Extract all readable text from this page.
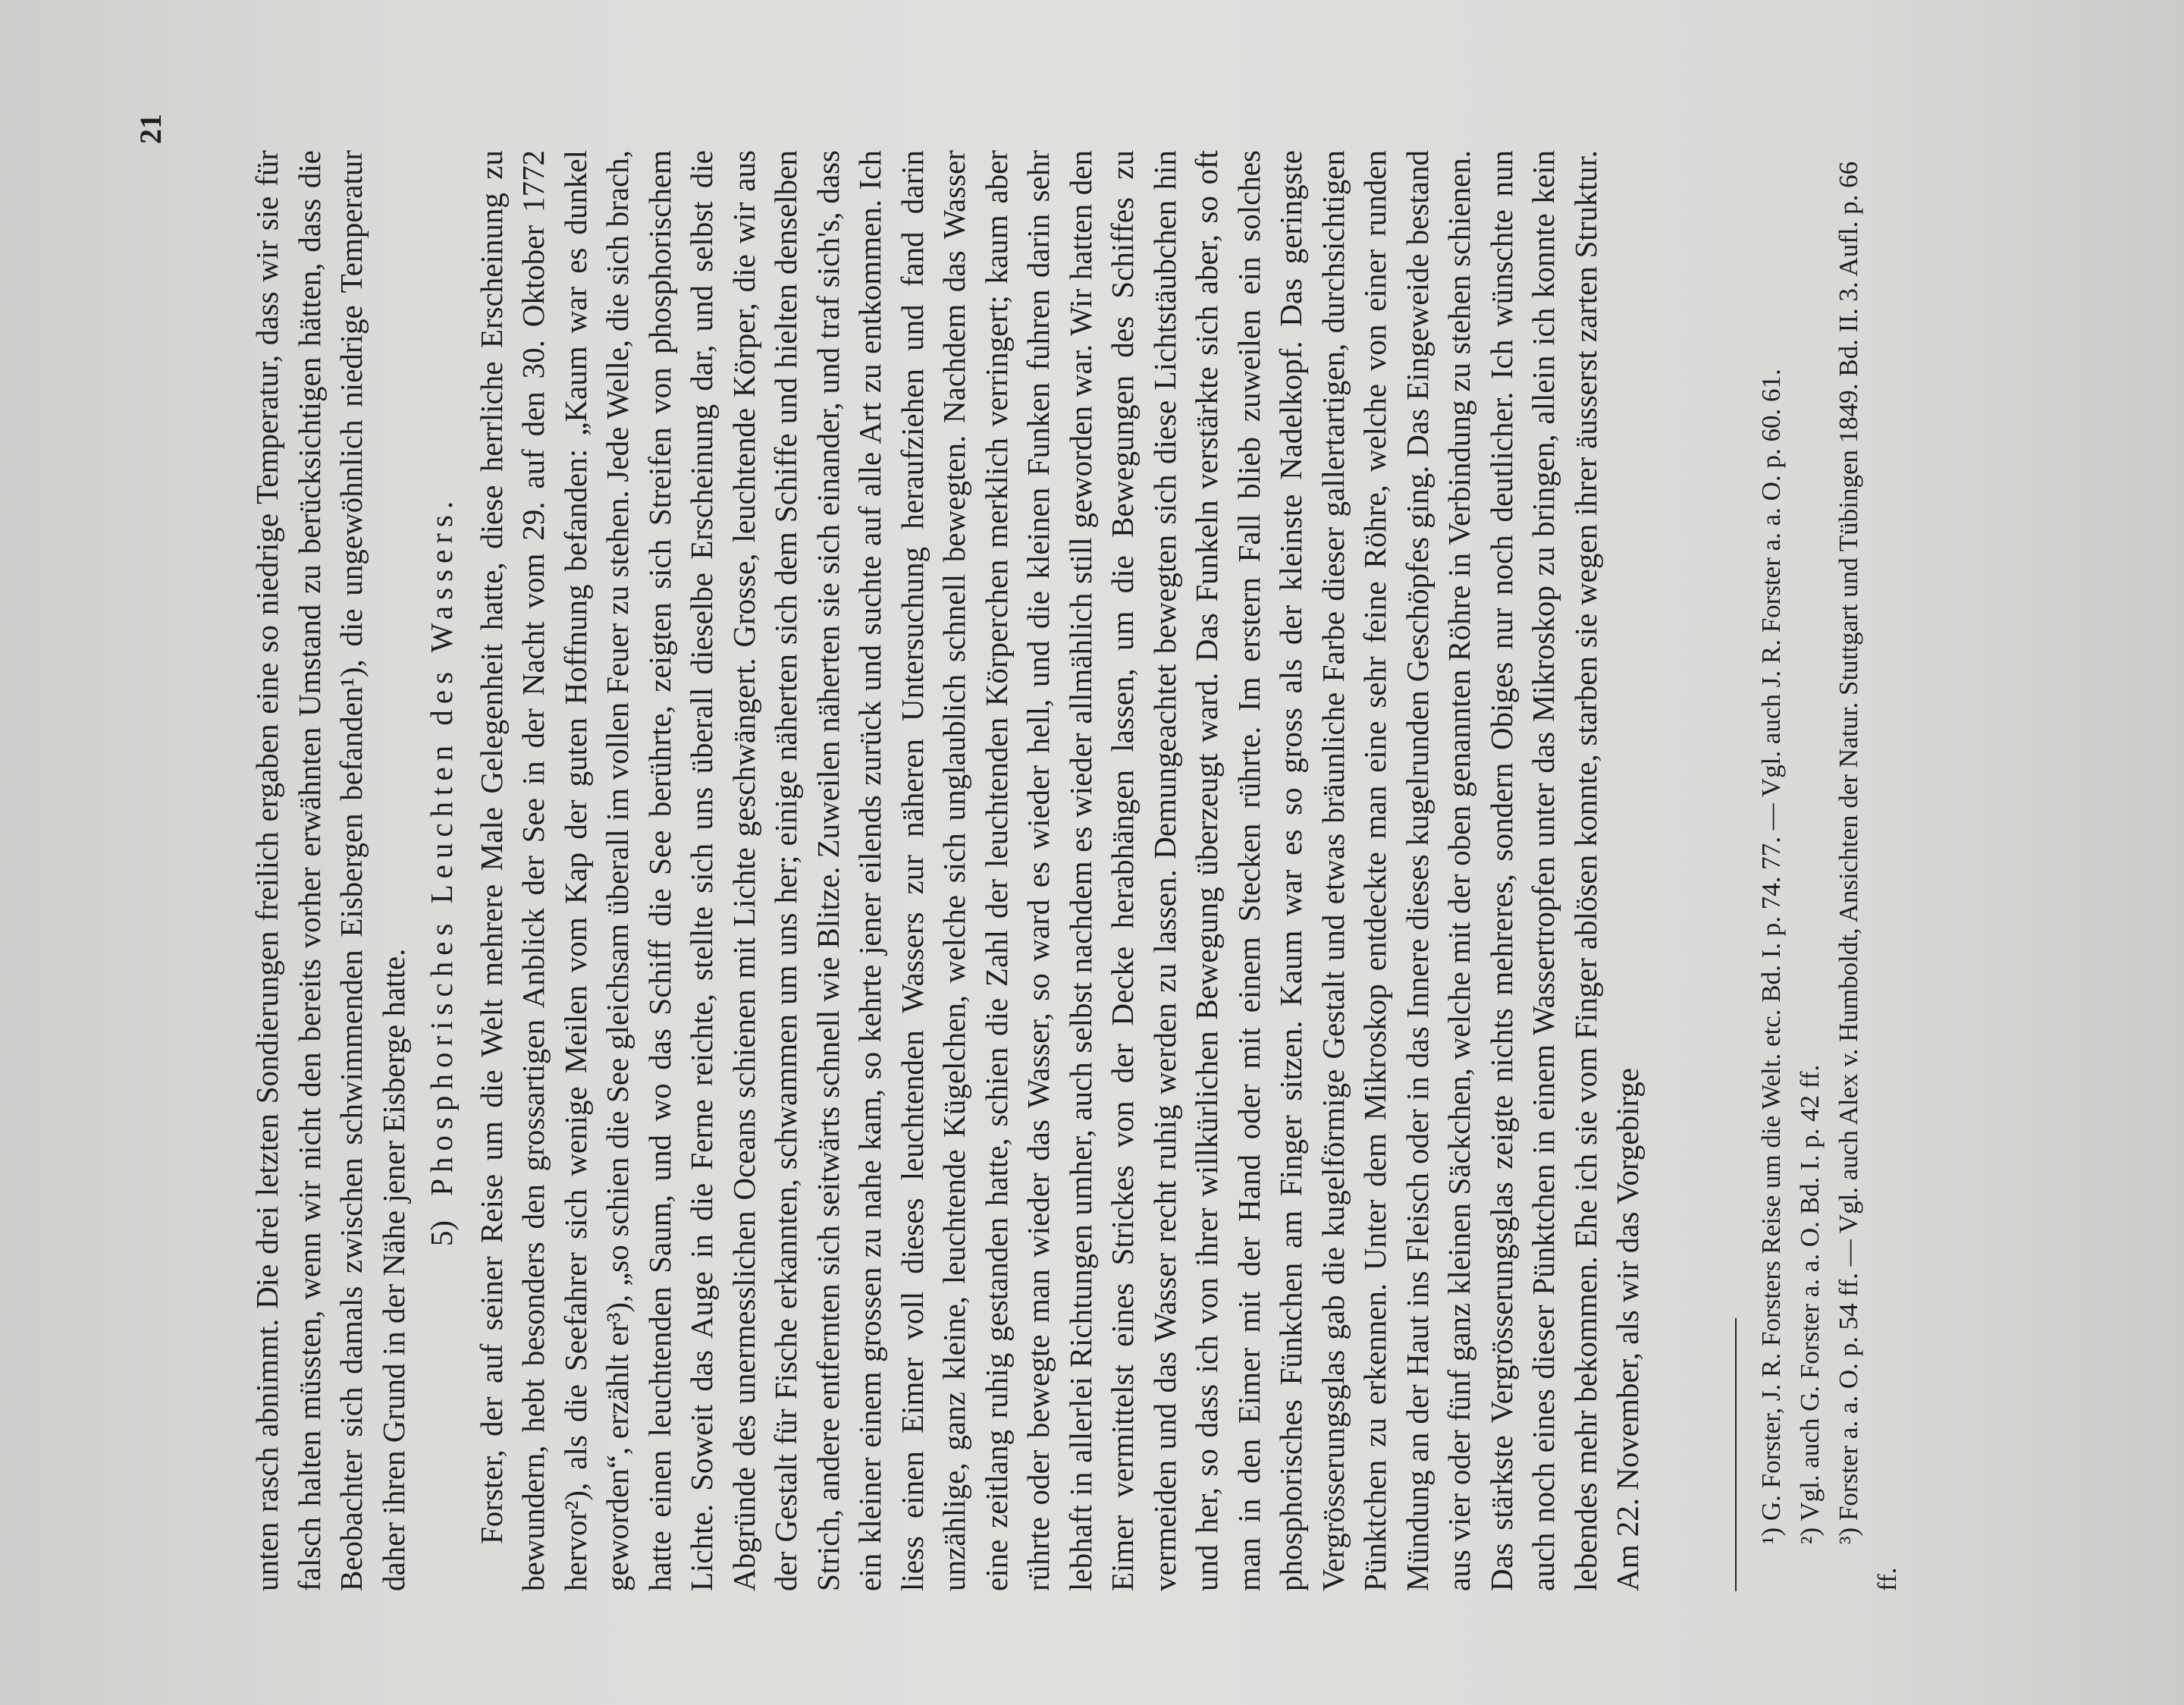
21

unten rasch abnimmt. Die drei letzten Sondierungen freilich ergaben eine so niedrige Temperatur, dass wir sie für falsch halten müssten, wenn wir nicht den bereits vorher erwähnten Umstand zu berücksichtigen hätten, dass die Beobachter sich damals zwischen schwimmenden Eisbergen befanden¹), die ungewöhnlich niedrige Temperatur daher ihren Grund in der Nähe jener Eisberge hatte. 5) Phosphorisches Leuchten des Wassers. Forster, der auf seiner Reise um die Welt mehrere Male Gelegenheit hatte, diese herrliche Erscheinung zu bewundern, hebt besonders den grossartigen Anblick der See in der Nacht vom 29. auf den 30. Oktober 1772 hervor²), als die Seefahrer sich wenige Meilen vom Kap der guten Hoffnung befanden: „Kaum war es dunkel geworden“, erzählt er³), „so schien die See gleichsam überall im vollen Feuer zu stehen. Jede Welle, die sich brach, hatte einen leuchtenden Saum, und wo das Schiff die See berührte, zeigten sich Streifen von phosphorischem Lichte. Soweit das Auge in die Ferne reichte, stellte sich uns überall dieselbe Erscheinung dar, und selbst die Abgründe des unermesslichen Oceans schienen mit Lichte geschwängert. Grosse, leuchtende Körper, die wir aus der Gestalt für Fische erkannten, schwammen um uns her; einige näherten sich dem Schiffe und hielten denselben Strich, andere entfernten sich seitwärts schnell wie Blitze. Zuweilen näherten sie sich einander, und traf sich's, dass ein kleiner einem grossen zu nahe kam, so kehrte jener eilends zurück und suchte auf alle Art zu entkommen. Ich liess einen Eimer voll dieses leuchtenden Wassers zur näheren Untersuchung heraufziehen und fand darin unzählige, ganz kleine, leuchtende Kügelchen, welche sich unglaublich schnell bewegten. Nachdem das Wasser eine zeitlang ruhig gestanden hatte, schien die Zahl der leuchtenden Körperchen merklich verringert; kaum aber rührte oder bewegte man wieder das Wasser, so ward es wieder hell, und die kleinen Funken fuhren darin sehr lebhaft in allerlei Richtungen umher, auch selbst nachdem es wieder allmählich still geworden war. Wir hatten den Eimer vermittelst eines Strickes von der Decke herabhängen lassen, um die Bewegungen des Schiffes zu vermeiden und das Wasser recht ruhig werden zu lassen. Demungeachtet bewegten sich diese Lichtstäubchen hin und her, so dass ich von ihrer willkürlichen Bewegung überzeugt ward. Das Funkeln verstärkte sich aber, so oft man in den Eimer mit der Hand oder mit einem Stecken rührte. Im erstern Fall blieb zuweilen ein solches phosphorisches Fünkchen am Finger sitzen. Kaum war es so gross als der kleinste Nadelkopf. Das geringste Vergrösserungsglas gab die kugelförmige Gestalt und etwas bräunliche Farbe dieser gallertartigen, durchsichtigen Pünktchen zu erkennen. Unter dem Mikroskop entdeckte man eine sehr feine Röhre, welche von einer runden Mündung an der Haut ins Fleisch oder in das Innere dieses kugelrunden Geschöpfes ging. Das Eingeweide bestand aus vier oder fünf ganz kleinen Säckchen, welche mit der oben genannten Röhre in Verbindung zu stehen schienen. Das stärkste Vergrösserungsglas zeigte nichts mehreres, sondern Obiges nur noch deutlicher. Ich wünschte nun auch noch eines dieser Pünktchen in einem Wassertropfen unter das Mikroskop zu bringen, allein ich konnte kein lebendes mehr bekommen. Ehe ich sie vom Finger ablösen konnte, starben sie wegen ihrer äusserst zarten Struktur. Am 22. November, als wir das Vorgebirge	¹) G. Forster, J. R. Forsters Reise um die Welt. etc. Bd. I. p. 74. 77. — Vgl. auch J. R. Forster a. a. O. p. 60. 61. ²) Vgl. auch G. Forster a. a. O. Bd. I. p. 42 ff. ³) Forster a. a. O. p. 54 ff. — Vgl. auch Alex v. Humboldt, Ansichten der Natur. Stuttgart und Tübingen 1849. Bd. II. 3. Aufl. p. 66 ff.
